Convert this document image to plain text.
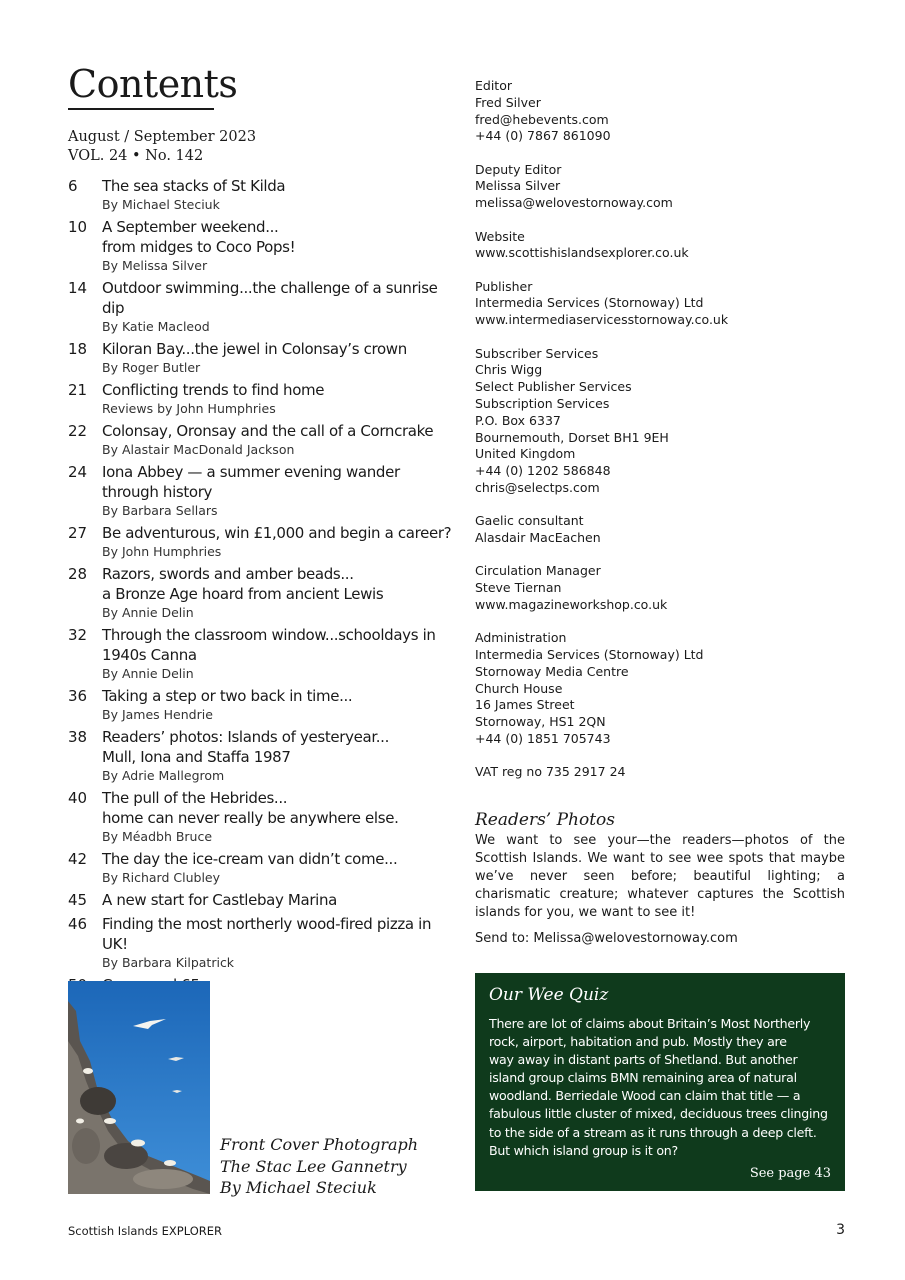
Contents
August / September 2023
VOL. 24 • No. 142
6	The sea stacks of St Kilda
By Michael Steciuk
10 A September weekend...
from midges to Coco Pops!
By Melissa Silver
14 Outdoor swimming...the challenge of a sunrise dip
By Katie Macleod
18 Kiloran Bay...the jewel in Colonsay’s crown
By Roger Butler
21 Conflicting trends to find home
Reviews by John Humphries
22 Colonsay, Oronsay and the call of a Corncrake
By Alastair MacDonald Jackson
24 Iona Abbey — a summer evening wander
through history
By Barbara Sellars
27 Be adventurous, win £1,000 and begin a career?
By John Humphries
28 Razors, swords and amber beads...
a Bronze Age hoard from ancient Lewis
By Annie Delin
32 Through the classroom window...schooldays in
1940s Canna
By Annie Delin
36 Taking a step or two back in time...
By James Hendrie
38 Readers’ photos: Islands of yesteryear...
Mull, Iona and Staffa 1987
By Adrie Mallegrom
40 The pull of the Hebrides...
home can never really be anywhere else.
By Méadbh Bruce
42 The day the ice-cream van didn’t come...
By Richard Clubley
45 A new start for Castlebay Marina
46 Finding the most northerly wood-fired pizza in UK!
By Barbara Kilpatrick
Front Cover Photograph
The Stac Lee Gannetry
By Michael Steciuk
Editor
Fred Silver
fred@hebevents.com
+44 (0) 7867 861090
Deputy Editor
Melissa Silver
melissa@welovestornoway.com
Website
www.scottishislandsexplorer.co.uk
Publisher
Intermedia Services (Stornoway) Ltd
www.intermediaservicesstornoway.co.uk
Subscriber Services
Chris Wigg
Select Publisher Services
Subscription Services
P.O. Box 6337
Bournemouth, Dorset BH1 9EH
United Kingdom
+44 (0) 1202 586848
chris@selectps.com
Gaelic consultant
Alasdair MacEachen
Circulation Manager
Steve Tiernan
www.magazineworkshop.co.uk
Administration
Intermedia Services (Stornoway) Ltd
Stornoway Media Centre
Church House
16 James Street
Stornoway, HS1 2QN
+44 (0) 1851 705743
VAT reg no 735 2917 24
Readers’ Photos
We want to see your—the readers—photos of the Scottish Islands. We want to see wee spots that maybe we’ve never seen before; beautiful lighting; a charismatic creature; whatever captures the Scottish islands for you, we want to see it!
Send to: Melissa@welovestornoway.com
Our Wee Quiz
There are lot of claims about Britain’s Most Northerly
rock, airport, habitation and pub. Mostly they are
way away in distant parts of Shetland. But another
island group claims BMN remaining area of natural
woodland. Berriedale Wood can claim that title — a
fabulous little cluster of mixed, deciduous trees clinging
to the side of a stream as it runs through a deep cleft.
But which island group is it on?
See page 43
Scottish Islands EXPLORER	3
